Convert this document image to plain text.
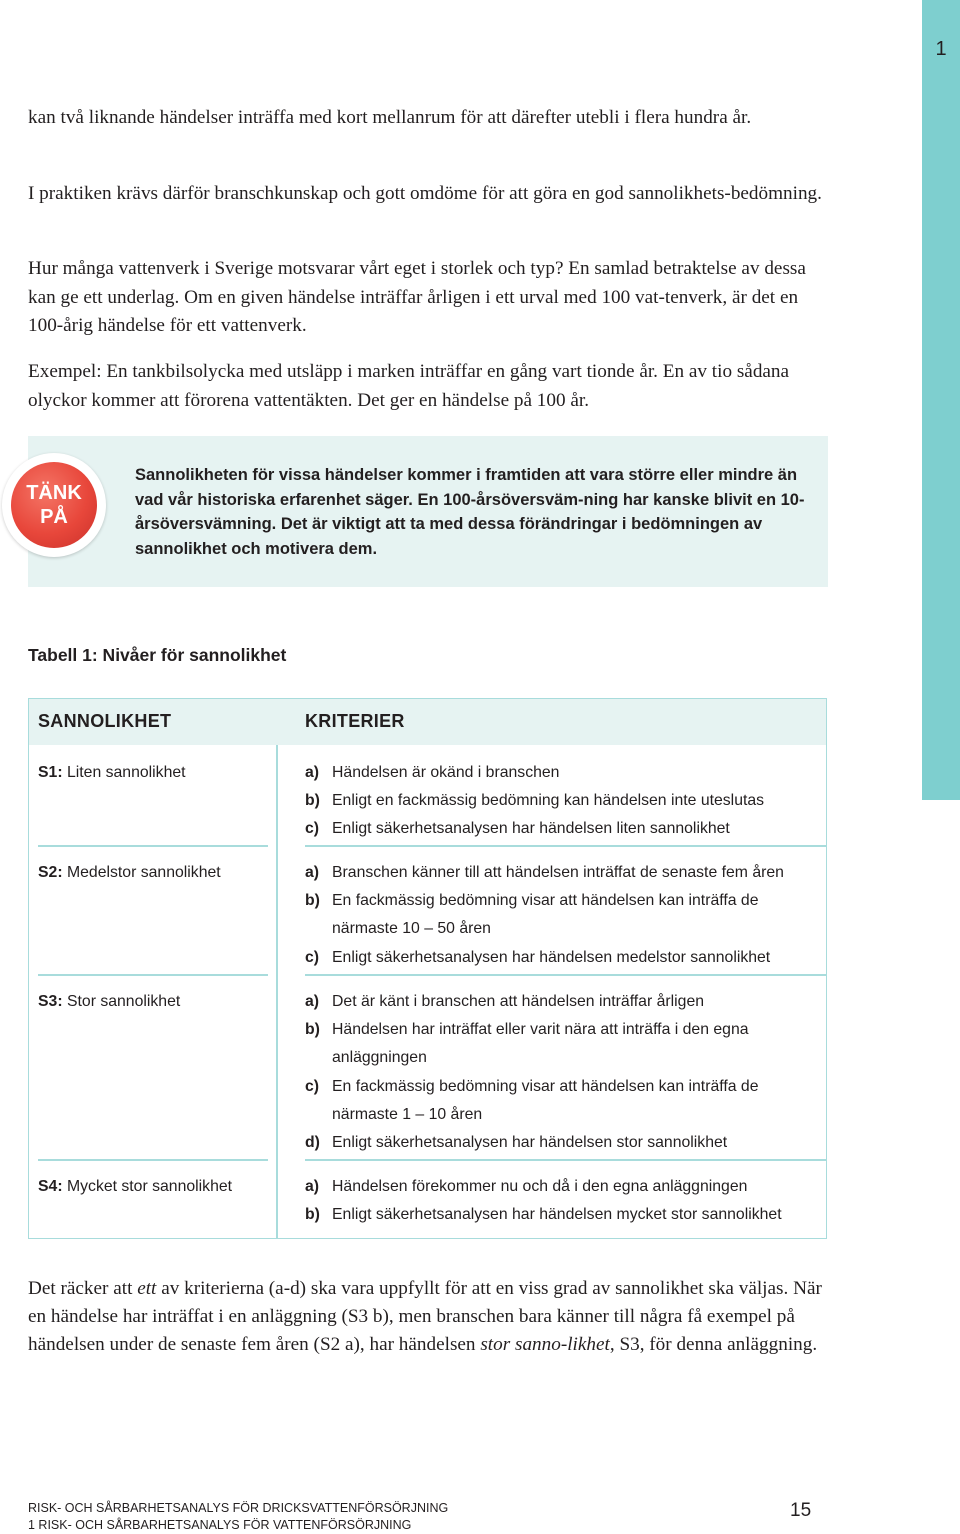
1

kan två liknande händelser inträffa med kort mellanrum för att därefter utebli i flera hundra år.

I praktiken krävs därför branschkunskap och gott omdöme för att göra en god sannolikhets-bedömning.

Hur många vattenverk i Sverige motsvarar vårt eget i storlek och typ? En samlad betraktelse av dessa kan ge ett underlag. Om en given händelse inträffar årligen i ett urval med 100 vat-tenverk, är det en 100-årig händelse för ett vattenverk.

Exempel: En tankbilsolycka med utsläpp i marken inträffar en gång vart tionde år. En av tio sådana olyckor kommer att förorena vattentäkten. Det ger en händelse på 100 år.

TÄNK
PÅ

Sannolikheten för vissa händelser kommer i framtiden att vara större eller mindre än vad vår historiska erfarenhet säger. En 100-årsöversväm-ning har kanske blivit en 10-årsöversvämning. Det är viktigt att ta med dessa förändringar i bedömningen av sannolikhet och motivera dem.

Tabell 1: Nivåer för sannolikhet
SANNOLIKHET	KRITERIER
S1: Liten sannolikhet	a) Händelsen är okänd i branschen
b) Enligt en fackmässig bedömning kan händelsen inte uteslutas
c) Enligt säkerhetsanalysen har händelsen liten sannolikhet
S2: Medelstor sannolikhet	a) Branschen känner till att händelsen inträffat de senaste fem åren
b) En fackmässig bedömning visar att händelsen kan inträffa de närmaste 10 – 50 åren
c) Enligt säkerhetsanalysen har händelsen medelstor sannolikhet
S3: Stor sannolikhet	a) Det är känt i branschen att händelsen inträffar årligen
b) Händelsen har inträffat eller varit nära att inträffa i den egna anläggningen
c) En fackmässig bedömning visar att händelsen kan inträffa de närmaste 1 – 10 åren
d) Enligt säkerhetsanalysen har händelsen stor sannolikhet
S4: Mycket stor sannolikhet	a) Händelsen förekommer nu och då i den egna anläggningen
b) Enligt säkerhetsanalysen har händelsen mycket stor sannolikhet

Det räcker att ett av kriterierna (a-d) ska vara uppfyllt för att en viss grad av sannolikhet ska väljas. När en händelse har inträffat i en anläggning (S3 b), men branschen bara känner till några få exempel på händelsen under de senaste fem åren (S2 a), har händelsen stor sanno-likhet, S3, för denna anläggning.

RISK- OCH SÅRBARHETSANALYS FÖR DRICKSVATTENFÖRSÖRJNING
1 RISK- OCH SÅRBARHETSANALYS FÖR VATTENFÖRSÖRJNING
15
